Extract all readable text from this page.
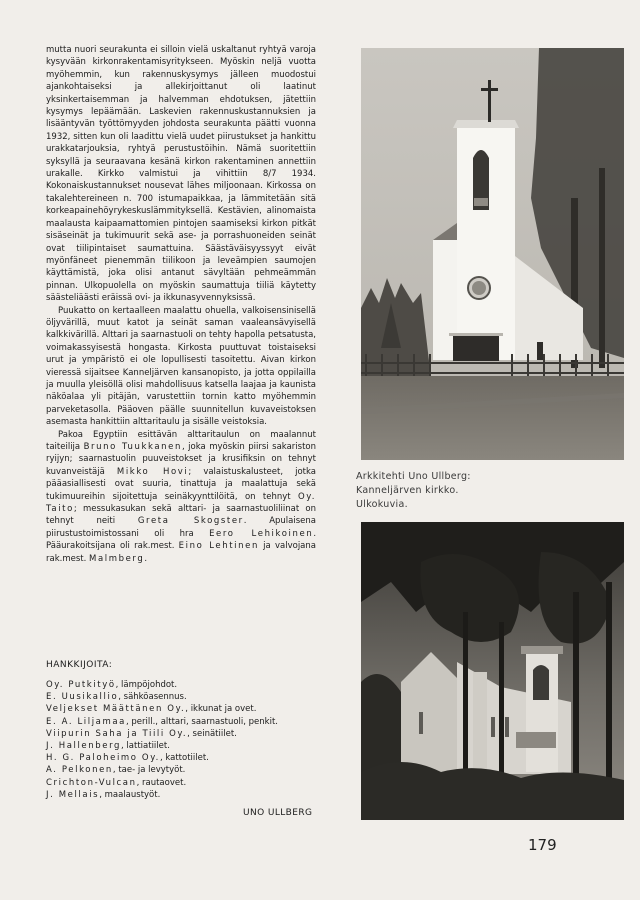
mutta nuori seurakunta ei silloin vielä uskaltanut ryhtyä varoja kysyvään kirkonrakentamisyritykseen. Myöskin neljä vuotta myöhemmin, kun rakennuskysymys jälleen muodostui ajankohtaiseksi ja allekirjoittanut oli laatinut yksinkertaisemman ja halvemman ehdotuksen, jätettiin kysymys lepäämään. Laskevien rakennuskustannuksien ja lisääntyvän työttömyyden johdosta seurakunta päätti vuonna 1932, sitten kun oli laadittu vielä uudet piirustukset ja hankittu urakkatarjouksia, ryhtyä perustustöihin. Nämä suoritettiin syksyllä ja seuraavana kesänä kirkon rakentaminen annettiin urakalle. Kirkko valmistui ja vihittiin 8/7 1934. Kokonaiskustannukset nousevat lähes miljoonaan. Kirkossa on takalehtereineen n. 700 istumapaikkaa, ja lämmitetään sitä korkeapainehöyrykeskuslämmityksellä. Kestävien, alinomaista maalausta kaipaamattomien pintojen saamiseksi kirkon pitkät sisäseinät ja tukimuurit sekä ase- ja porrashuoneiden seinät ovat tiilipintaiset saumattuina. Säästäväisyyssyyt eivät myönfäneet pienemmän tiilikoon ja leveämpien saumojen käyttämistä, joka olisi antanut sävyltään pehmeämmän pinnan. Ulkopuolella on myöskin saumattuja tiiliä käytetty säästeliäästi eräissä ovi- ja ikkunasyvennyksissä.

Puukatto on kertaalleen maalattu ohuella, valkoisensinisellä öljyvärillä, muut katot ja seinät saman vaaleansävyisellä kalkkivärillä. Alttari ja saarnastuoli on tehty hapolla petsatusta, voimakassyisestä hongasta. Kirkosta puuttuvat toistaiseksi urut ja ympäristö ei ole lopullisesti tasoitettu. Aivan kirkon vieressä sijaitsee Kanneljärven kansanopisto, ja jotta oppilailla ja muulla yleisöllä olisi mahdollisuus katsella laajaa ja kaunista näköalaa yli pitäjän, varustettiin tornin katto myöhemmin parveketasolla. Pääoven päälle suunnitellun kuvaveistoksen asemasta hankittiin alttaritaulu ja sisälle veistoksia.

Pakoa Egyptiin esittävän alttaritaulun on maalannut taiteilija Bruno Tuukkanen, joka myöskin piirsi sakariston ryijyn; saarnastuolin puuveistokset ja krusifiksin on tehnyt kuvanveistäjä Mikko Hovi; valaistuskalusteet, jotka pääasiallisesti ovat suuria, tinattuja ja maalattuja sekä tukimuureihin sijoitettuja seinäkyynttilöitä, on tehnyt Oy. Taito; messukasukan sekä alttari- ja saarnastuoliliinat on tehnyt neiti Greta Skogster. Apulaisena piirustustoimistossani oli hra Eero Lehikoinen. Pääurakoitsijana oli rak.mest. Eino Lehtinen ja valvojana rak.mest. Malmberg.

HANKKIJOITA:
Oy. Putkityö, lämpöjohdot.
E. Uusikallio, sähköasennus.
Veljekset Määttänen Oy., ikkunat ja ovet.
E. A. Liljamaa, perill., alttari, saarnastuoli, penkit.
Viipurin Saha ja Tiili Oy., seinätiilet.
J. Hallenberg, lattiatiilet.
H. G. Paloheimo Oy., kattotiilet.
A. Pelkonen, tae- ja levytyöt.
Crichton-Vulcan, rautaovet.
J. Mellais, maalaustyöt.
UNO ULLBERG
Arkkitehti Uno Ullberg:
Kanneljärven kirkko.
Ulkokuvia.
179
